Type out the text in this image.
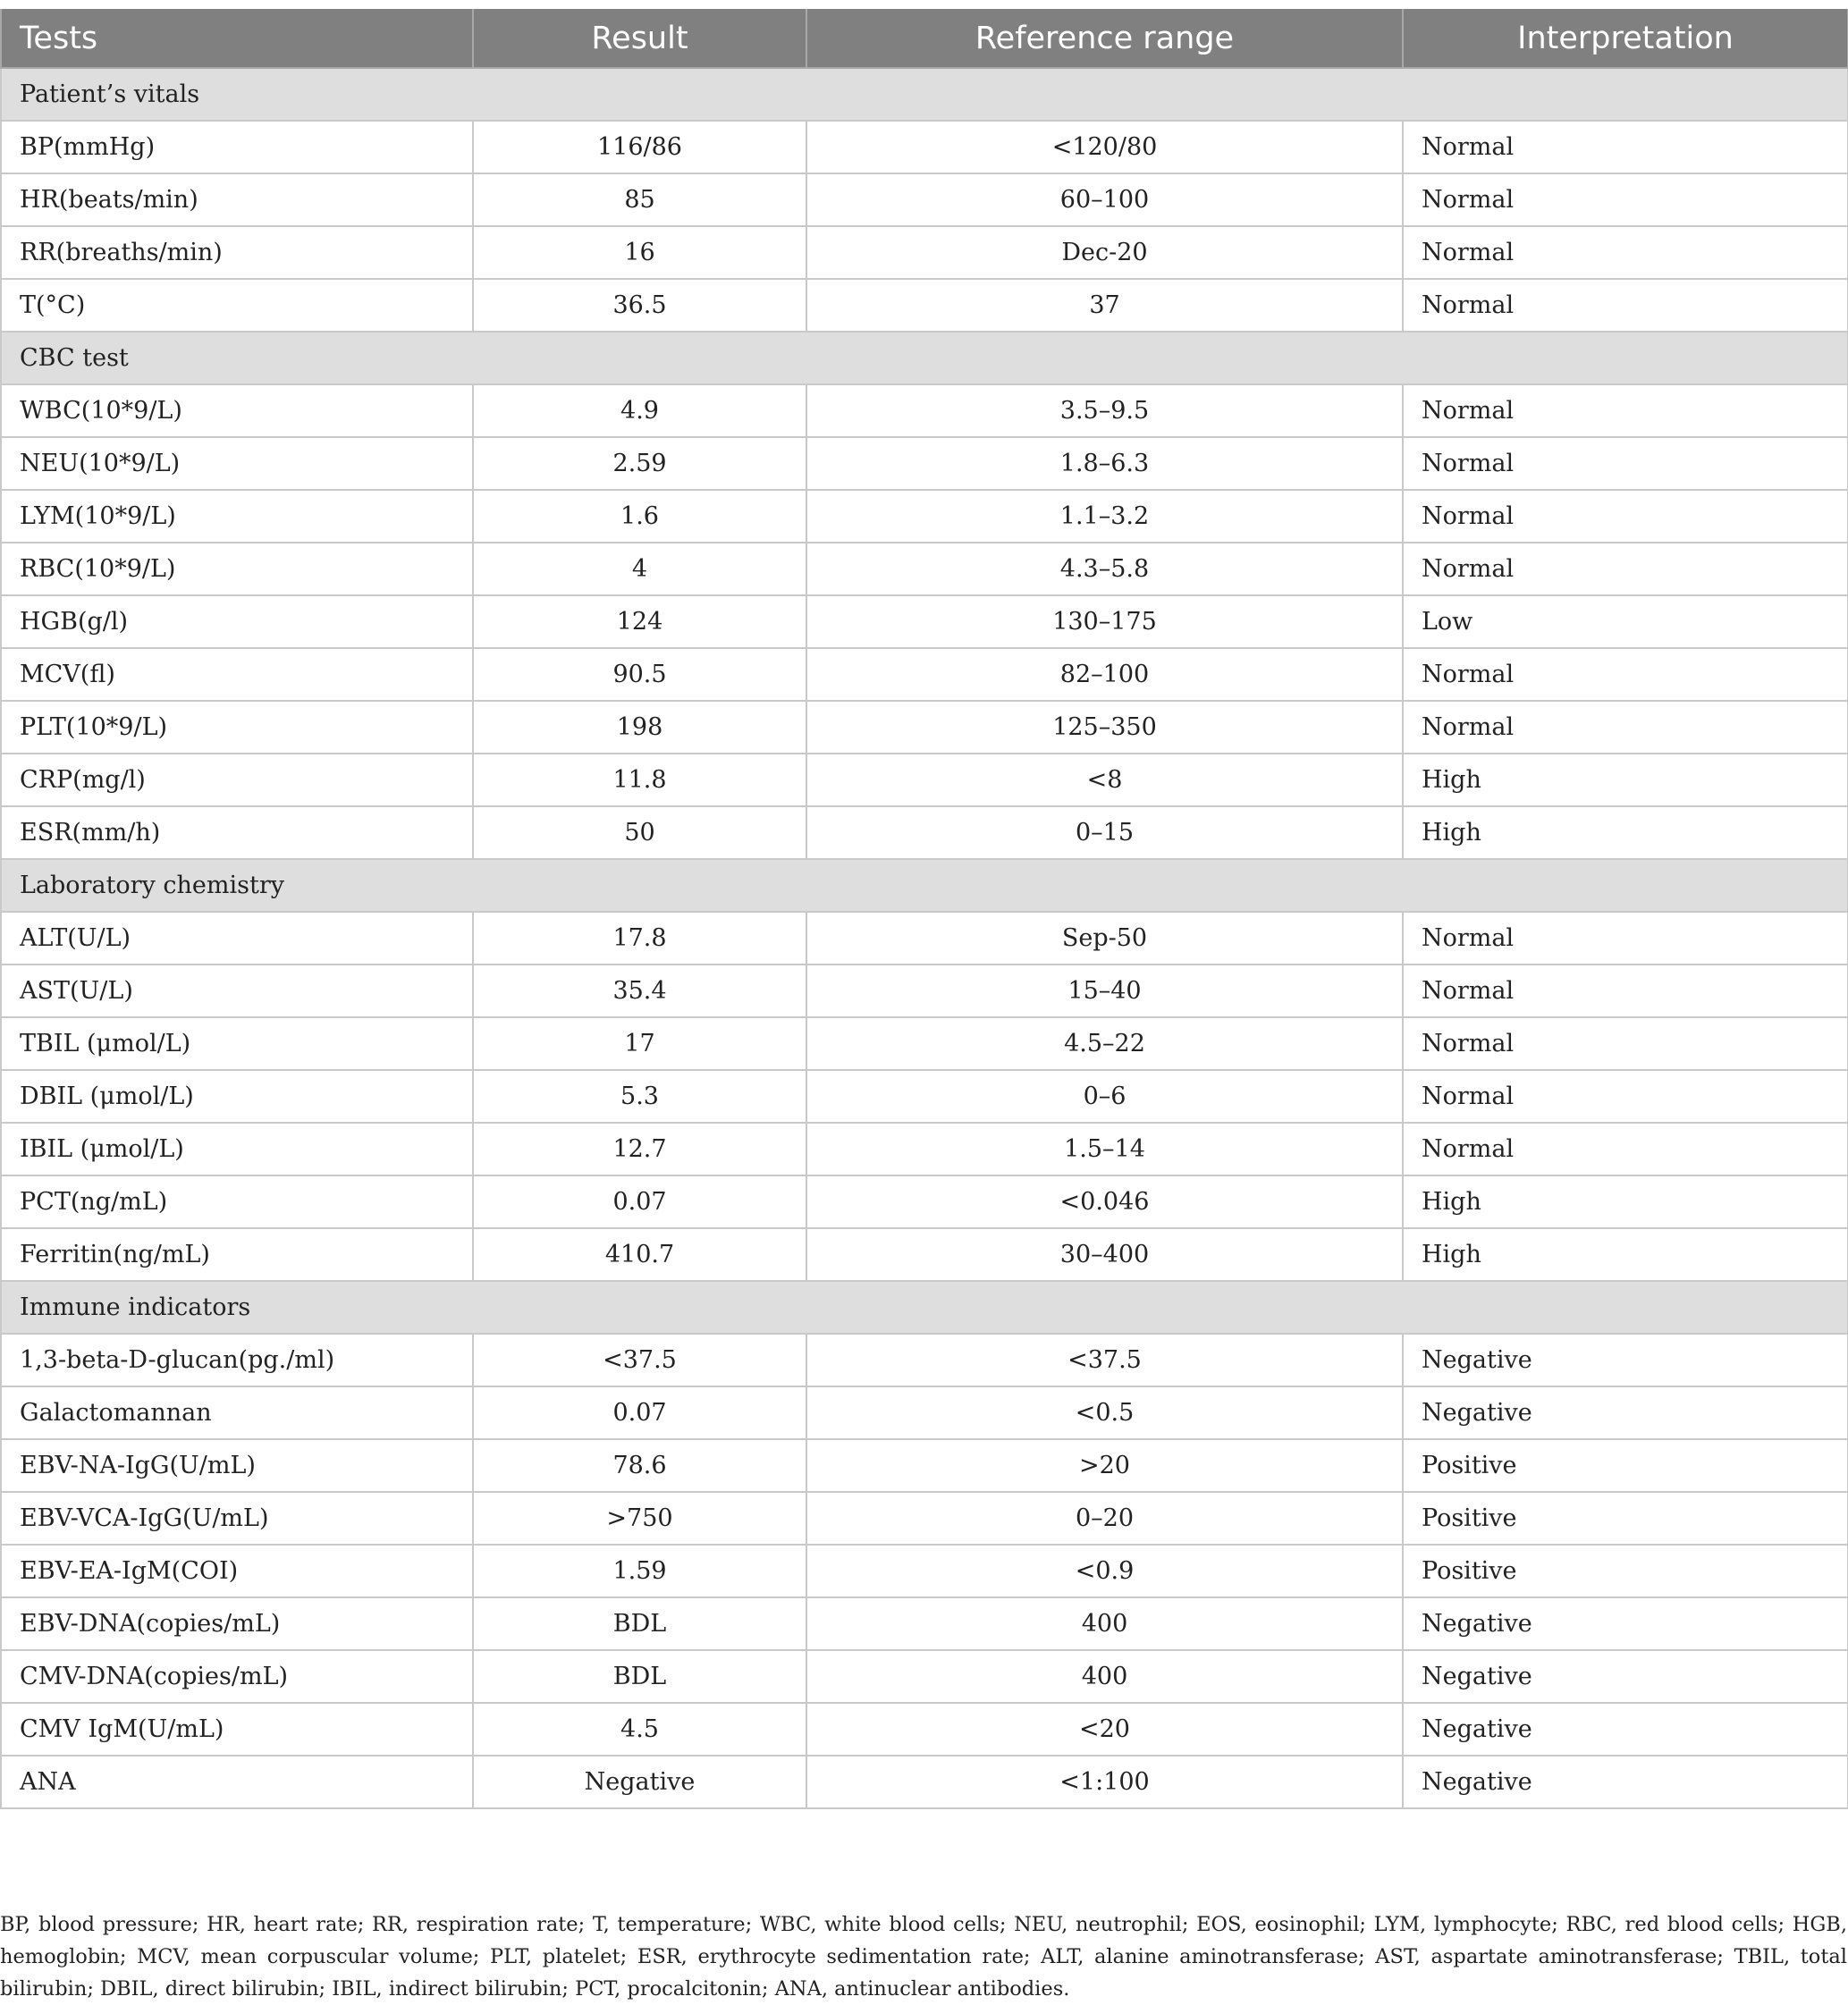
Tests	Result	Reference range	Interpretation
Patient’s vitals			
BP(mmHg)	116/86	<120/80	Normal
HR(beats/min)	85	60–100	Normal
RR(breaths/min)	16	Dec-20	Normal
T(°C)	36.5	37	Normal
CBC test			
WBC(10*9/L)	4.9	3.5–9.5	Normal
NEU(10*9/L)	2.59	1.8–6.3	Normal
LYM(10*9/L)	1.6	1.1–3.2	Normal
RBC(10*9/L)	4	4.3–5.8	Normal
HGB(g/l)	124	130–175	Low
MCV(fl)	90.5	82–100	Normal
PLT(10*9/L)	198	125–350	Normal
CRP(mg/l)	11.8	<8	High
ESR(mm/h)	50	0–15	High
Laboratory chemistry			
ALT(U/L)	17.8	Sep-50	Normal
AST(U/L)	35.4	15–40	Normal
TBIL (μmol/L)	17	4.5–22	Normal
DBIL (μmol/L)	5.3	0–6	Normal
IBIL (μmol/L)	12.7	1.5–14	Normal
PCT(ng/mL)	0.07	<0.046	High
Ferritin(ng/mL)	410.7	30–400	High
Immune indicators			
1,3-beta-D-glucan(pg./ml)	<37.5	<37.5	Negative
Galactomannan	0.07	<0.5	Negative
EBV-NA-IgG(U/mL)	78.6	>20	Positive
EBV-VCA-IgG(U/mL)	>750	0–20	Positive
EBV-EA-IgM(COI)	1.59	<0.9	Positive
EBV-DNA(copies/mL)	BDL	400	Negative
CMV-DNA(copies/mL)	BDL	400	Negative
CMV IgM(U/mL)	4.5	<20	Negative
ANA	Negative	<1:100	Negative

BP, blood pressure; HR, heart rate; RR, respiration rate; T, temperature; WBC, white blood cells; NEU, neutrophil; EOS, eosinophil; LYM, lymphocyte; RBC, red blood cells; HGB, hemoglobin; MCV, mean corpuscular volume; PLT, platelet; ESR, erythrocyte sedimentation rate; ALT, alanine aminotransferase; AST, aspartate aminotransferase; TBIL, total bilirubin; DBIL, direct bilirubin; IBIL, indirect bilirubin; PCT, procalcitonin; ANA, antinuclear antibodies.
